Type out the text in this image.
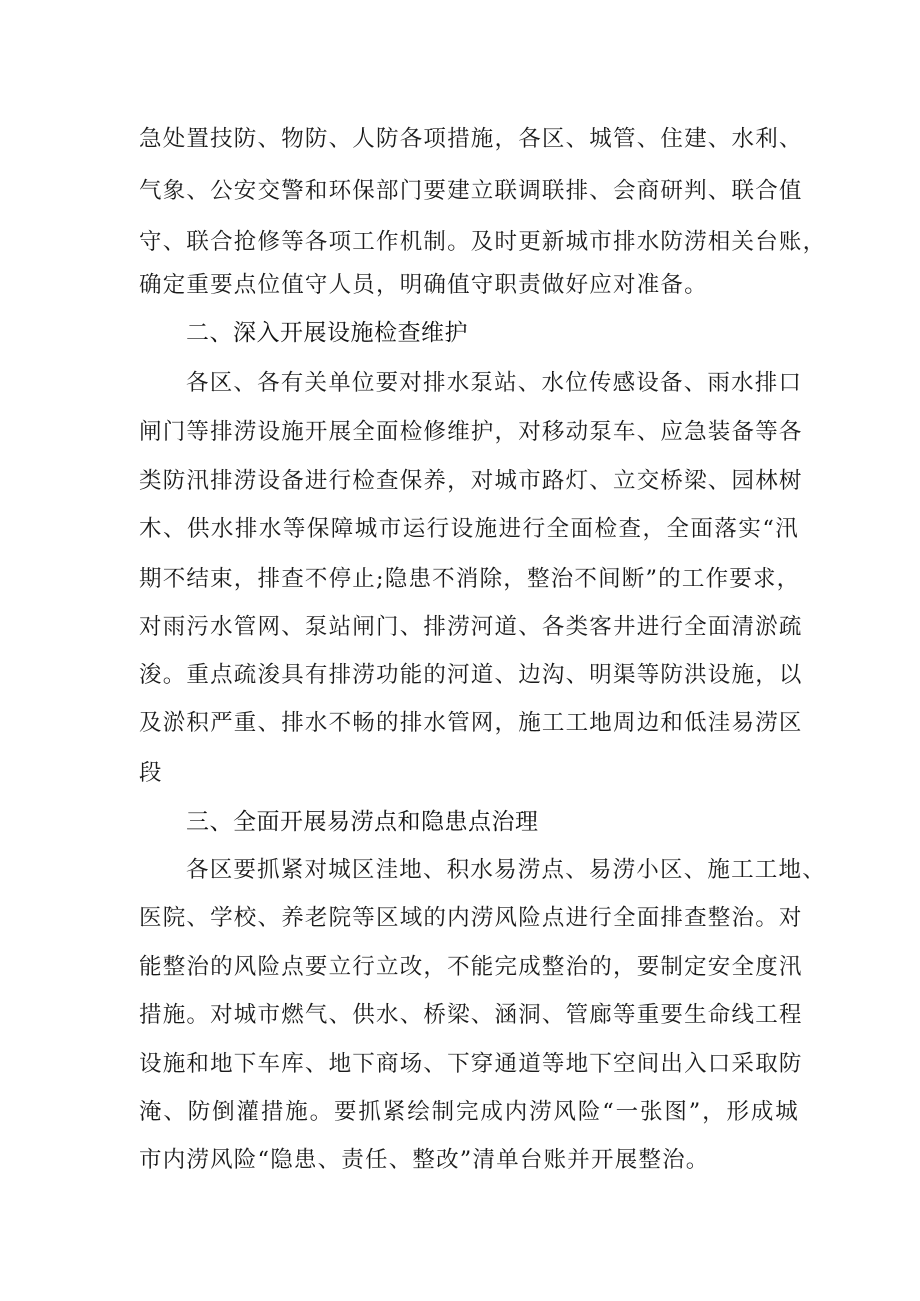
急处置技防、物防、人防各项措施，各区、城管、住建、水利、
气象、公安交警和环保部门要建立联调联排、会商研判、联合值
守、联合抢修等各项工作机制。及时更新城市排水防涝相关台账，
确定重要点位值守人员，明确值守职责做好应对准备。
二、深入开展设施检查维护
各区、各有关单位要对排水泵站、水位传感设备、雨水排口
闸门等排涝设施开展全面检修维护，对移动泵车、应急装备等各
类防汛排涝设备进行检查保养，对城市路灯、立交桥梁、园林树
木、供水排水等保障城市运行设施进行全面检查，全面落实“汛
期不结束，排查不停止;隐患不消除，整治不间断”的工作要求，
对雨污水管网、泵站闸门、排涝河道、各类客井进行全面清淤疏
浚。重点疏浚具有排涝功能的河道、边沟、明渠等防洪设施，以
及淤积严重、排水不畅的排水管网，施工工地周边和低洼易涝区
段
三、全面开展易涝点和隐患点治理
各区要抓紧对城区洼地、积水易涝点、易涝小区、施工工地、
医院、学校、养老院等区域的内涝风险点进行全面排查整治。对
能整治的风险点要立行立改，不能完成整治的，要制定安全度汛
措施。对城市燃气、供水、桥梁、涵洞、管廊等重要生命线工程
设施和地下车库、地下商场、下穿通道等地下空间出入口采取防
淹、防倒灌措施。要抓紧绘制完成内涝风险“一张图”，形成城
市内涝风险“隐患、责任、整改”清单台账并开展整治。
